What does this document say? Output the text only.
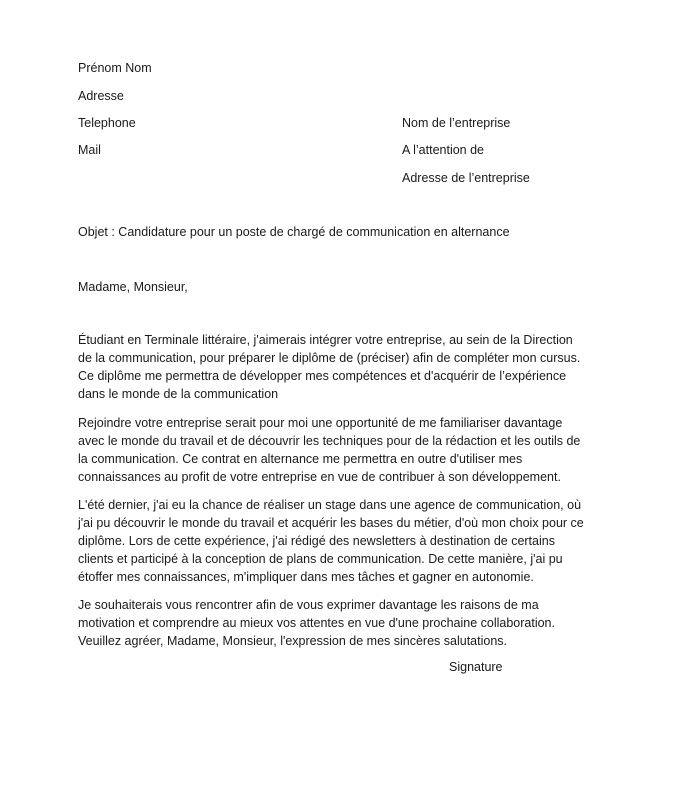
Prénom Nom
Adresse
Telephone
Mail
Nom de l’entreprise
A l’attention de
Adresse de l’entreprise
Objet : Candidature pour un poste de chargé de communication en alternance
Madame, Monsieur,
Étudiant en Terminale littéraire, j'aimerais intégrer votre entreprise, au sein de la Direction
de la communication, pour préparer le diplôme de (préciser) afin de compléter mon cursus.
Ce diplôme me permettra de développer mes compétences et d'acquérir de l’expérience
dans le monde de la communication
Rejoindre votre entreprise serait pour moi une opportunité de me familiariser davantage
avec le monde du travail et de découvrir les techniques pour de la rédaction et les outils de
la communication. Ce contrat en alternance me permettra en outre d'utiliser mes
connaissances au profit de votre entreprise en vue de contribuer à son développement.
L'été dernier, j'ai eu la chance de réaliser un stage dans une agence de communication, où
j'ai pu découvrir le monde du travail et acquérir les bases du métier, d'où mon choix pour ce
diplôme. Lors de cette expérience, j'ai rédigé des newsletters à destination de certains
clients et participé à la conception de plans de communication. De cette manière, j'ai pu
étoffer mes connaissances, m'impliquer dans mes tâches et gagner en autonomie.
Je souhaiterais vous rencontrer afin de vous exprimer davantage les raisons de ma
motivation et comprendre au mieux vos attentes en vue d'une prochaine collaboration.
Veuillez agréer, Madame, Monsieur, l'expression de mes sincères salutations.
Signature
